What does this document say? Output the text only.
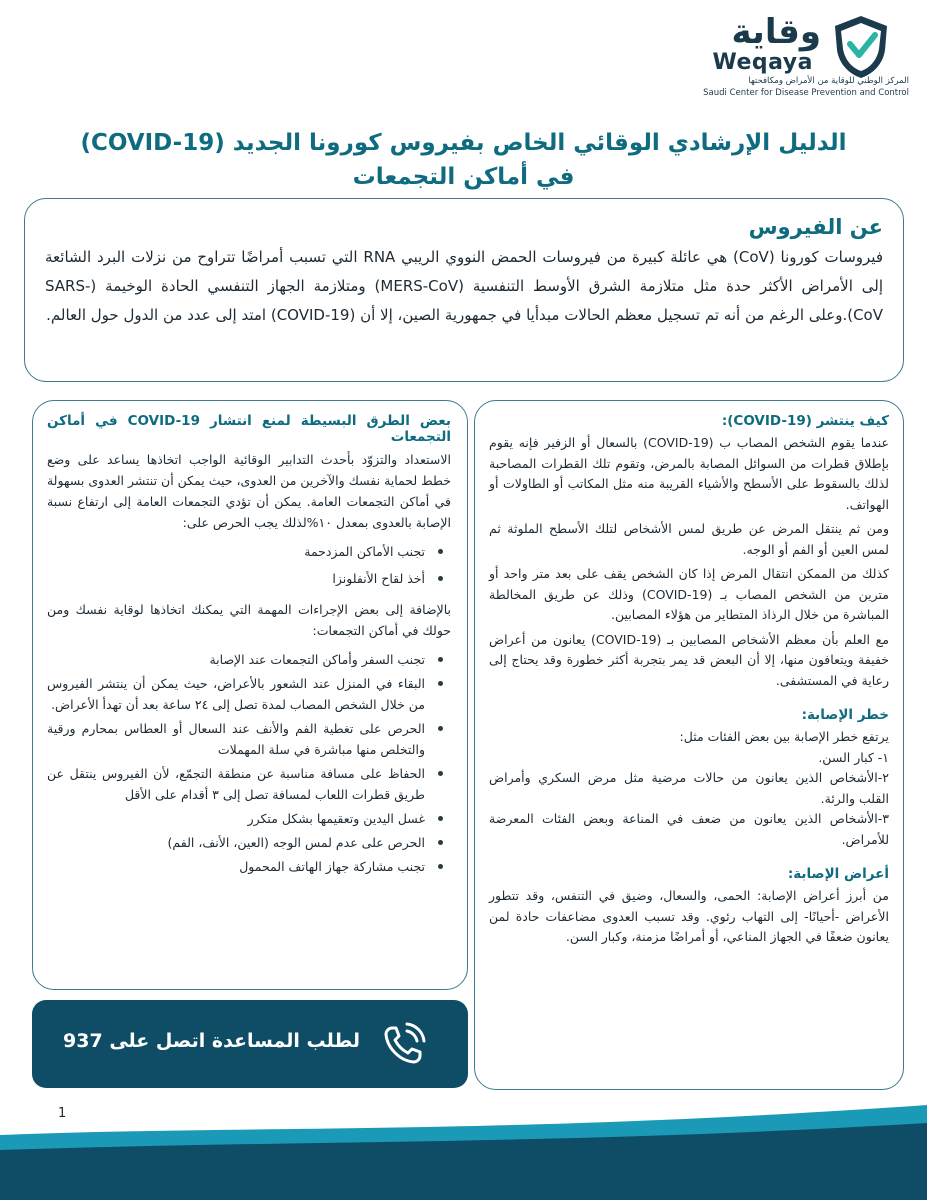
وقاية
Weqaya
المركز الوطني للوقاية من الأمراض ومكافحتها
Saudi Center for Disease Prevention and Control
الدليل الإرشادي الوقائي الخاص بفيروس كورونا الجديد (COVID-19)
في أماكن التجمعات
عن الفيروس

فيروسات كورونا (CoV) هي عائلة كبيرة من فيروسات الحمض النووي الريبي RNA التي تسبب أمراضًا تتراوح من نزلات البرد الشائعة إلى الأمراض الأكثر حدة مثل متلازمة الشرق الأوسط التنفسية (MERS-CoV) ومتلازمة الجهاز التنفسي الحادة الوخيمة (SARS-CoV).وعلى الرغم من أنه تم تسجيل معظم الحالات مبدأيا في جمهورية الصين، إلا أن (COVID-19) امتد إلى عدد من الدول حول العالم.

كيف ينتشر (COVID-19):

عندما يقوم الشخص المصاب ب (COVID-19) بالسعال أو الزفير فإنه يقوم بإطلاق قطرات من السوائل المصابة بالمرض، وتقوم تلك القطرات المصاحبة لذلك بالسقوط على الأسطح والأشياء القريبة منه مثل المكاتب أو الطاولات أو الهواتف.

ومن ثم ينتقل المرض عن طريق لمس الأشخاص لتلك الأسطح الملوثة ثم لمس العين أو الفم أو الوجه.

كذلك من الممكن انتقال المرض إذا كان الشخص يقف على بعد متر واحد أو مترين من الشخص المصاب بـ (COVID-19) وذلك عن طريق المخالطة المباشرة من خلال الرذاذ المتطاير من هؤلاء المصابين.

مع العلم بأن معظم الأشخاص المصابين بـ (COVID-19) يعانون من أعراض خفيفة ويتعافون منها، إلا أن البعض قد يمر بتجربة أكثر خطورة وقد يحتاج إلى رعاية في المستشفى.

خطر الإصابة:

يرتفع خطر الإصابة بين بعض الفئات مثل:

١- كبار السن.

٢-الأشخاص الذين يعانون من حالات مرضية مثل مرض السكري وأمراض القلب والرئة.

٣-الأشخاص الذين يعانون من ضعف في المناعة وبعض الفئات المعرضة للأمراض.

أعراض الإصابة:

من أبرز أعراض الإصابة: الحمى، والسعال، وضيق في التنفس، وقد تتطور الأعراض -أحيانًا- إلى التهاب رئوي. وقد تسبب العدوى مضاعفات حادة لمن يعانون ضعفًا في الجهاز المناعي، أو أمراضًا مزمنة، وكبار السن.

بعض الطرق البسيطة لمنع انتشار COVID-19 في أماكن التجمعات

الاستعداد والتزوّد بأحدث التدابير الوقائية الواجب اتخاذها يساعد على وضع خطط لحماية نفسك والآخرين من العدوى، حيث يمكن أن تنتشر العدوى بسهولة في أماكن التجمعات العامة. يمكن أن تؤدي التجمعات العامة إلى ارتفاع نسبة الإصابة بالعدوى بمعدل ١٠%لذلك يجب الحرص على:

تجنب الأماكن المزدحمة
أخذ لقاح الأنفلونزا

بالإضافة إلى بعض الإجراءات المهمة التي يمكنك اتخاذها لوقاية نفسك ومن حولك في أماكن التجمعات:

تجنب السفر وأماكن التجمعات عند الإصابة
البقاء في المنزل عند الشعور بالأعراض، حيث يمكن أن ينتشر الفيروس من خلال الشخص المصاب لمدة تصل إلى ٢٤ ساعة بعد أن تهدأ الأعراض.
الحرص على تغطية الفم والأنف عند السعال أو العطاس بمحارم ورقية والتخلص منها مباشرة في سلة المهملات
الحفاظ على مسافة مناسبة عن منطقة التجمّع، لأن الفيروس ينتقل عن طريق قطرات اللعاب لمسافة تصل إلى ٣ أقدام على الأقل
غسل اليدين وتعقيمها بشكل متكرر
الحرص على عدم لمس الوجه (العين، الأنف، الفم)
تجنب مشاركة جهاز الهاتف المحمول
لطلب المساعدة اتصل على 937
1
